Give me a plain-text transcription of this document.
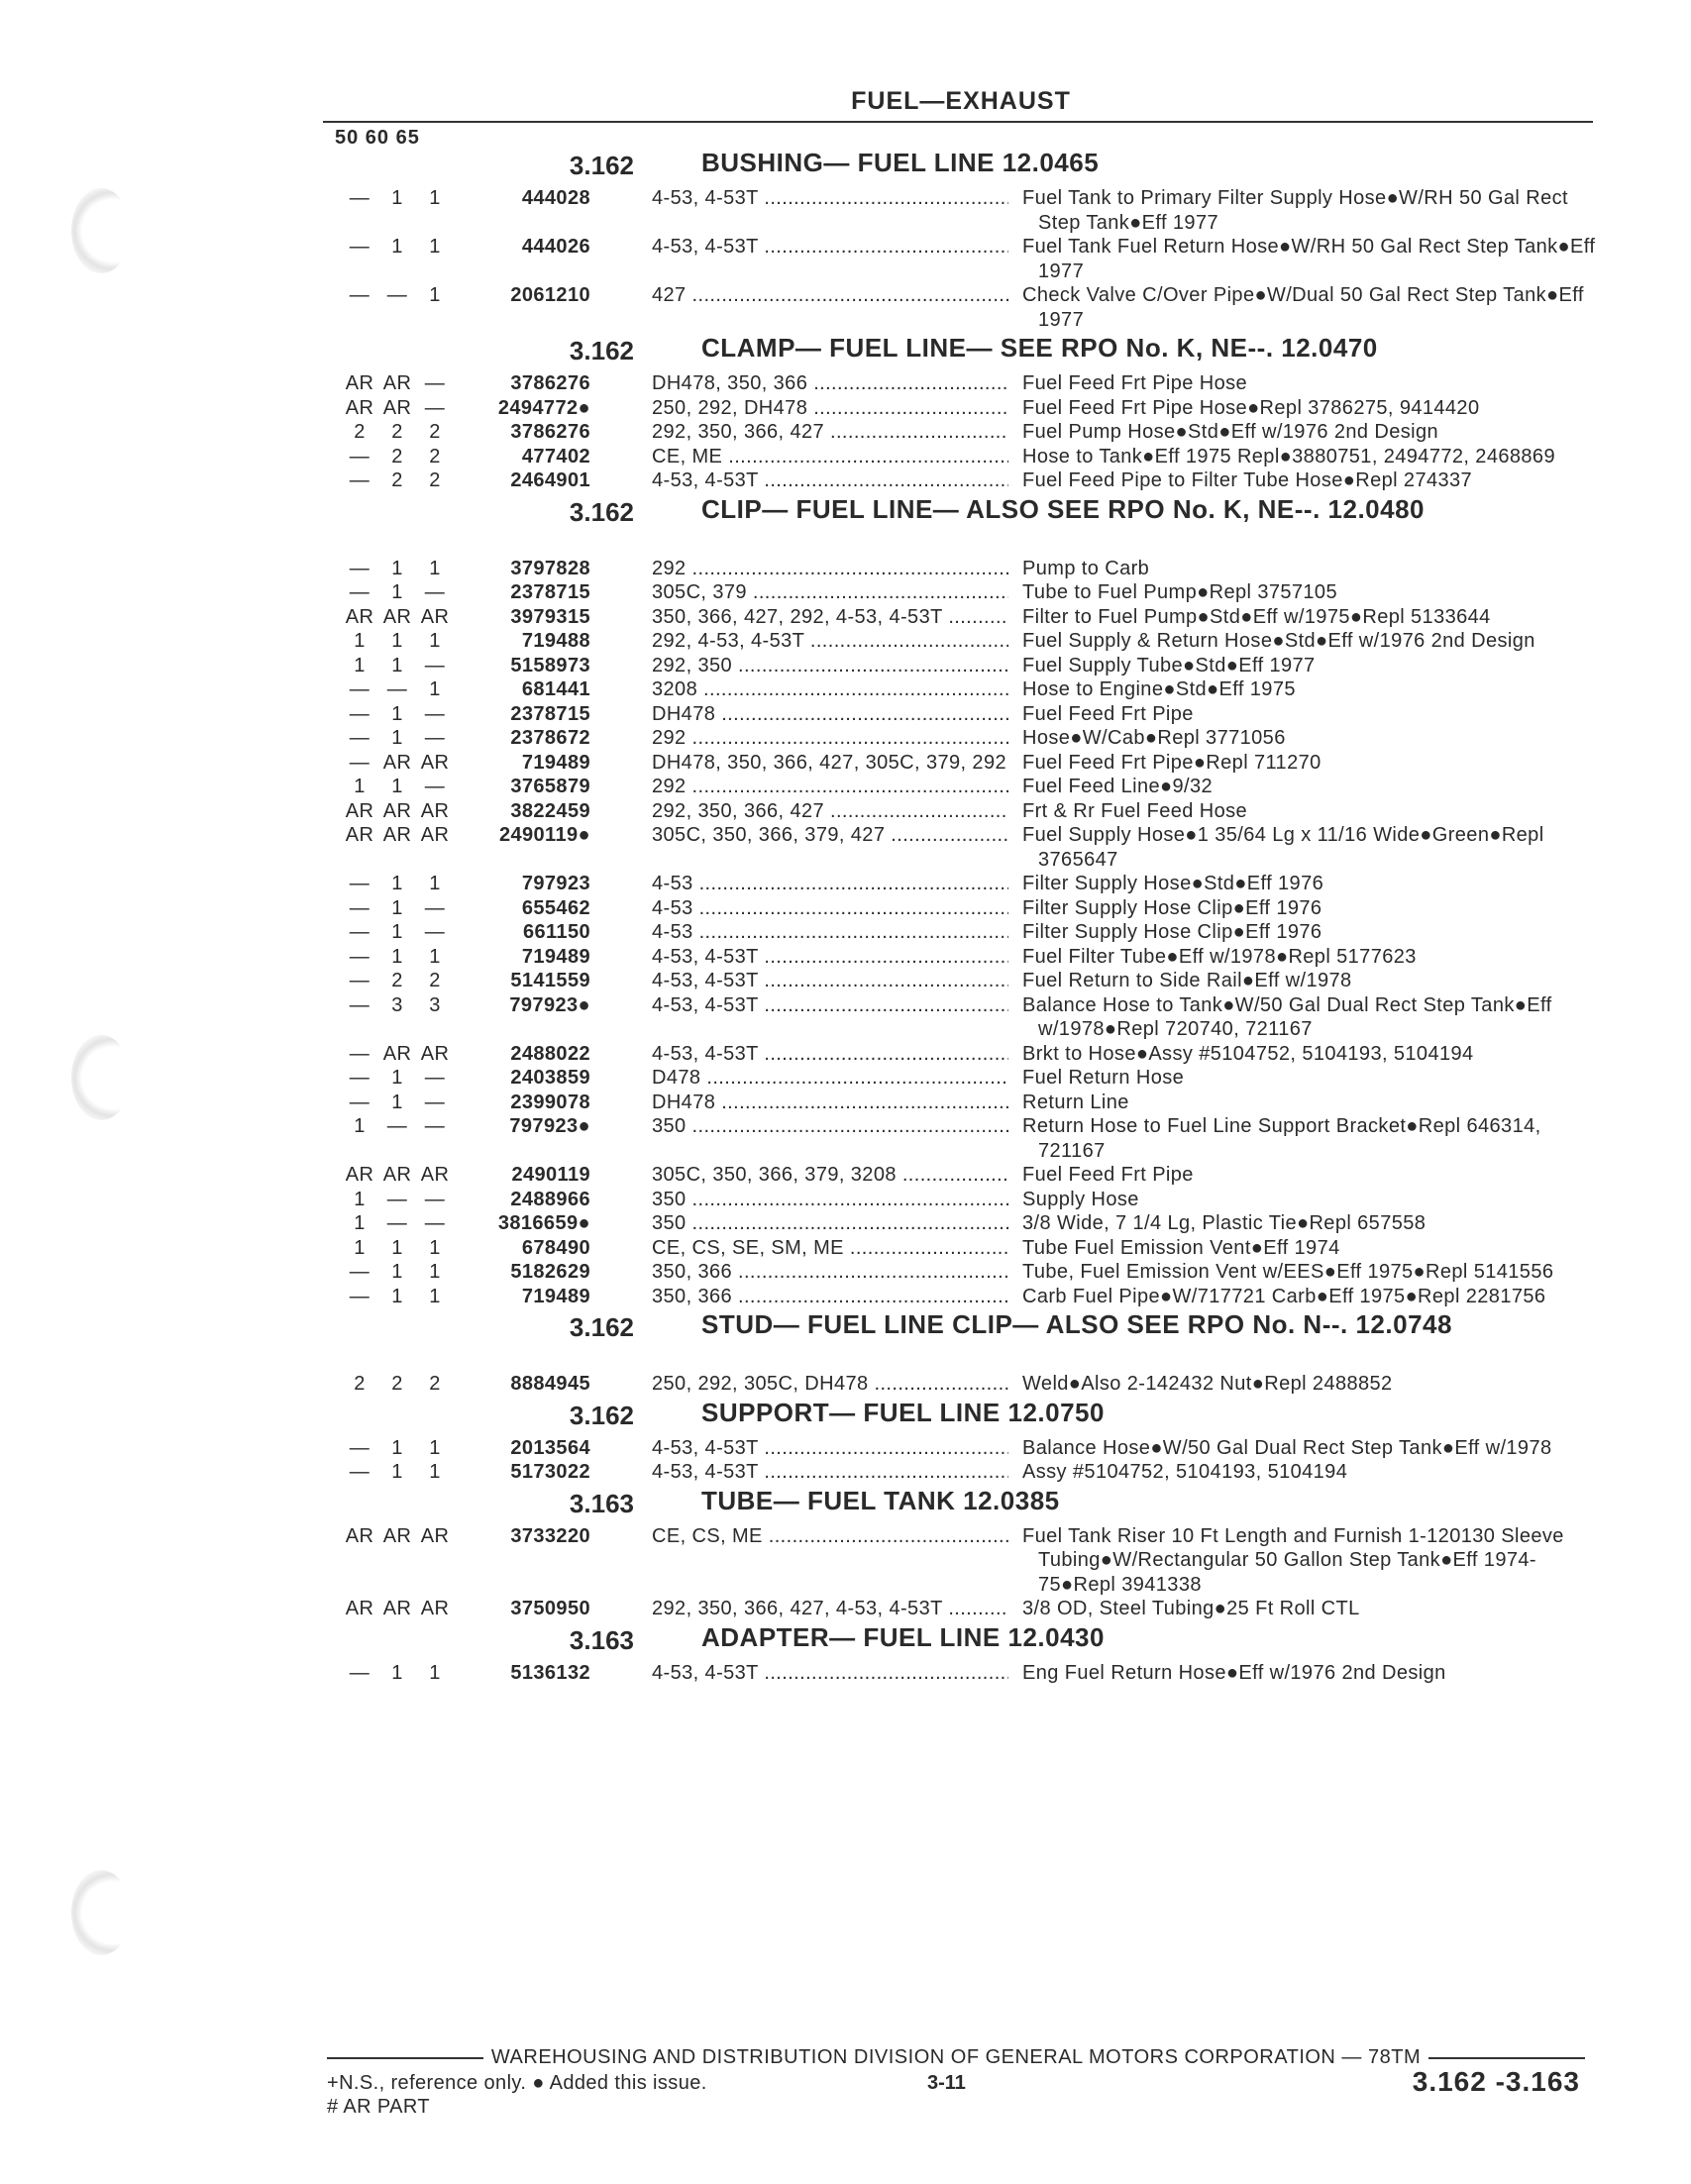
FUEL—EXHAUST
50 60 65
3.162	BUSHING— FUEL LINE 12.0465
—	1	1	444028	4-53, 4-53T .....	Fuel Tank to Primary Filter Supply Hose●W/RH 50 Gal Rect Step Tank●Eff 1977
—	1	1	444026	4-53, 4-53T .....	Fuel Tank Fuel Return Hose●W/RH 50 Gal Rect Step Tank●Eff 1977
— —	1	2061210	427 .....	Check Valve C/Over Pipe●W/Dual 50 Gal Rect Step Tank●Eff 1977
3.162	CLAMP— FUEL LINE— SEE RPO No. K, NE--. 12.0470
AR AR —	3786276	DH478, 350, 366 .....	Fuel Feed Frt Pipe Hose
AR AR —	2494772●	250, 292, DH478 .....	Fuel Feed Frt Pipe Hose●Repl 3786275, 9414420
2	2	2	3786276	292, 350, 366, 427 .....	Fuel Pump Hose●Std●Eff w/1976 2nd Design
—	2	2	477402	CE, ME .....	Hose to Tank●Eff 1975 Repl●3880751, 2494772, 2468869
—	2	2	2464901	4-53, 4-53T .....	Fuel Feed Pipe to Filter Tube Hose●Repl 274337
3.162	CLIP— FUEL LINE— ALSO SEE RPO No. K, NE--. 12.0480
—	1	1	3797828	292 .....	Pump to Carb
—	1	—	2378715	305C, 379 .....	Tube to Fuel Pump●Repl 3757105
AR AR AR	3979315	350, 366, 427, 292, 4-53, 4-53T .....	Filter to Fuel Pump●Std●Eff w/1975●Repl 5133644
1	1	1	719488	292, 4-53, 4-53T .....	Fuel Supply & Return Hose●Std●Eff w/1976 2nd Design
1	1	—	5158973	292, 350 .....	Fuel Supply Tube●Std●Eff 1977
— —	1	681441	3208 .....	Hose to Engine●Std●Eff 1975
—	1	—	2378715	DH478 .....	Fuel Feed Frt Pipe
—	1	—	2378672	292 .....	Hose●W/Cab●Repl 3771056
— AR AR	719489	DH478, 350, 366, 427, 305C, 379, 292 ..... Fuel Feed Frt Pipe●Repl 711270
1	1	—	3765879	292 .....	Fuel Feed Line●9/32
AR AR AR	3822459	292, 350, 366, 427 .....	Frt & Rr Fuel Feed Hose
AR AR AR	2490119●	305C, 350, 366, 379, 427 .....	Fuel Supply Hose●1 35/64 Lg x 11/16 Wide●Green●Repl 3765647
—	1	1	797923	4-53 .....	Filter Supply Hose●Std●Eff 1976
—	1	—	655462	4-53 .....	Filter Supply Hose Clip●Eff 1976
—	1	—	661150	4-53 .....	Filter Supply Hose Clip●Eff 1976
—	1	1	719489	4-53, 4-53T .....	Fuel Filter Tube●Eff w/1978●Repl 5177623
—	2	2	5141559	4-53, 4-53T .....	Fuel Return to Side Rail●Eff w/1978
—	3	3	797923●	4-53, 4-53T .....	Balance Hose to Tank●W/50 Gal Dual Rect Step Tank●Eff w/1978●Repl 720740, 721167
— AR AR	2488022	4-53, 4-53T .....	Brkt to Hose●Assy #5104752, 5104193, 5104194
—	1	—	2403859	D478 .....	Fuel Return Hose
—	1	—	2399078	DH478 .....	Return Line
1	— —	797923●	350 .....	Return Hose to Fuel Line Support Bracket●Repl 646314, 721167
AR AR AR	2490119	305C, 350, 366, 379, 3208 .....	Fuel Feed Frt Pipe
1	— —	2488966	350 .....	Supply Hose
1	— —	3816659●	350 .....	3/8 Wide, 7 1/4 Lg, Plastic Tie●Repl 657558
1	1	1	678490	CE, CS, SE, SM, ME .....	Tube Fuel Emission Vent●Eff 1974
—	1	1	5182629	350, 366 .....	Tube, Fuel Emission Vent w/EES●Eff 1975●Repl 5141556
—	1	1	719489	350, 366 .....	Carb Fuel Pipe●W/717721 Carb●Eff 1975●Repl 2281756
3.162	STUD— FUEL LINE CLIP— ALSO SEE RPO No. N--. 12.0748
2	2	2	8884945	250, 292, 305C, DH478 .....	Weld●Also 2-142432 Nut●Repl 2488852
3.162	SUPPORT— FUEL LINE 12.0750
—	1	1	2013564	4-53, 4-53T .....	Balance Hose●W/50 Gal Dual Rect Step Tank●Eff w/1978
—	1	1	5173022	4-53, 4-53T .....	Assy #5104752, 5104193, 5104194
3.163	TUBE— FUEL TANK 12.0385
AR AR AR	3733220	CE, CS, ME .....	Fuel Tank Riser 10 Ft Length and Furnish 1-120130 Sleeve Tubing●W/Rectangular 50 Gallon Step Tank●Eff 1974-75●Repl 3941338
AR AR AR	3750950	292, 350, 366, 427, 4-53, 4-53T .....	3/8 OD, Steel Tubing●25 Ft Roll CTL
3.163	ADAPTER— FUEL LINE 12.0430
—	1	1	5136132	4-53, 4-53T .....	Eng Fuel Return Hose●Eff w/1976 2nd Design
WAREHOUSING AND DISTRIBUTION DIVISION OF GENERAL MOTORS CORPORATION — 78TM
+N.S., reference only. ● Added this issue.
# AR PART
3-11	3.162 -3.163
